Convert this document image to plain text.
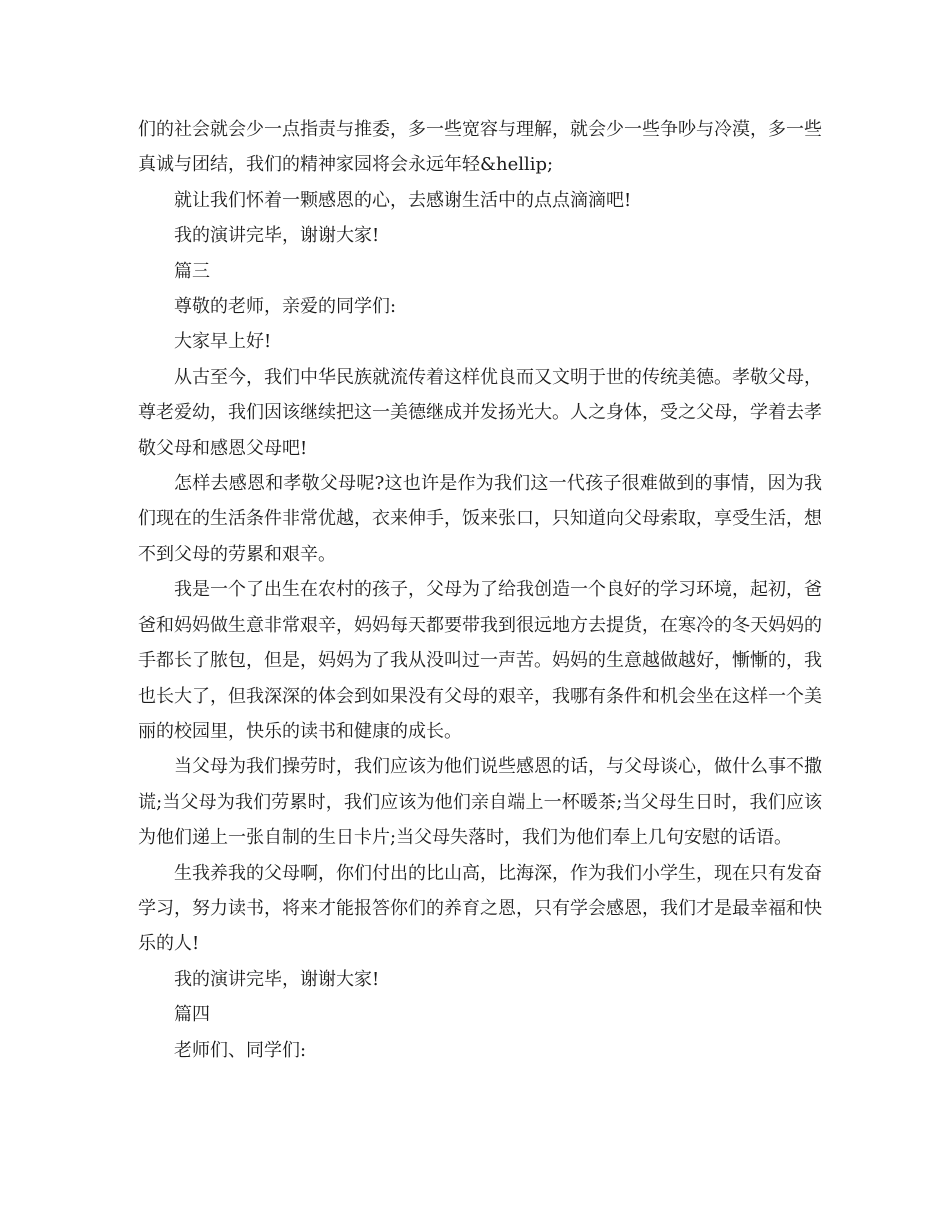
们的社会就会少一点指责与推委，多一些宽容与理解，就会少一些争吵与冷漠，多一些真诚与团结，我们的精神家园将会永远年轻&hellip;

就让我们怀着一颗感恩的心，去感谢生活中的点点滴滴吧!

我的演讲完毕，谢谢大家!

篇三

尊敬的老师，亲爱的同学们:

大家早上好!

从古至今，我们中华民族就流传着这样优良而又文明于世的传统美德。孝敬父母，尊老爱幼，我们因该继续把这一美德继成并发扬光大。人之身体，受之父母，学着去孝敬父母和感恩父母吧!

怎样去感恩和孝敬父母呢?这也许是作为我们这一代孩子很难做到的事情，因为我们现在的生活条件非常优越，衣来伸手，饭来张口，只知道向父母索取，享受生活，想不到父母的劳累和艰辛。

我是一个了出生在农村的孩子，父母为了给我创造一个良好的学习环境，起初，爸爸和妈妈做生意非常艰辛，妈妈每天都要带我到很远地方去提货，在寒冷的冬天妈妈的手都长了脓包，但是，妈妈为了我从没叫过一声苦。妈妈的生意越做越好，慚慚的，我也长大了，但我深深的体会到如果没有父母的艰辛，我哪有条件和机会坐在这样一个美丽的校园里，快乐的读书和健康的成长。

当父母为我们操劳时，我们应该为他们说些感恩的话，与父母谈心，做什么事不撒谎;当父母为我们劳累时，我们应该为他们亲自端上一杯暖茶;当父母生日时，我们应该为他们递上一张自制的生日卡片;当父母失落时，我们为他们奉上几句安慰的话语。

生我养我的父母啊，你们付出的比山高，比海深，作为我们小学生，现在只有发奋学习，努力读书，将来才能报答你们的养育之恩，只有学会感恩，我们才是最幸福和快乐的人!

我的演讲完毕，谢谢大家!

篇四

老师们、同学们:
